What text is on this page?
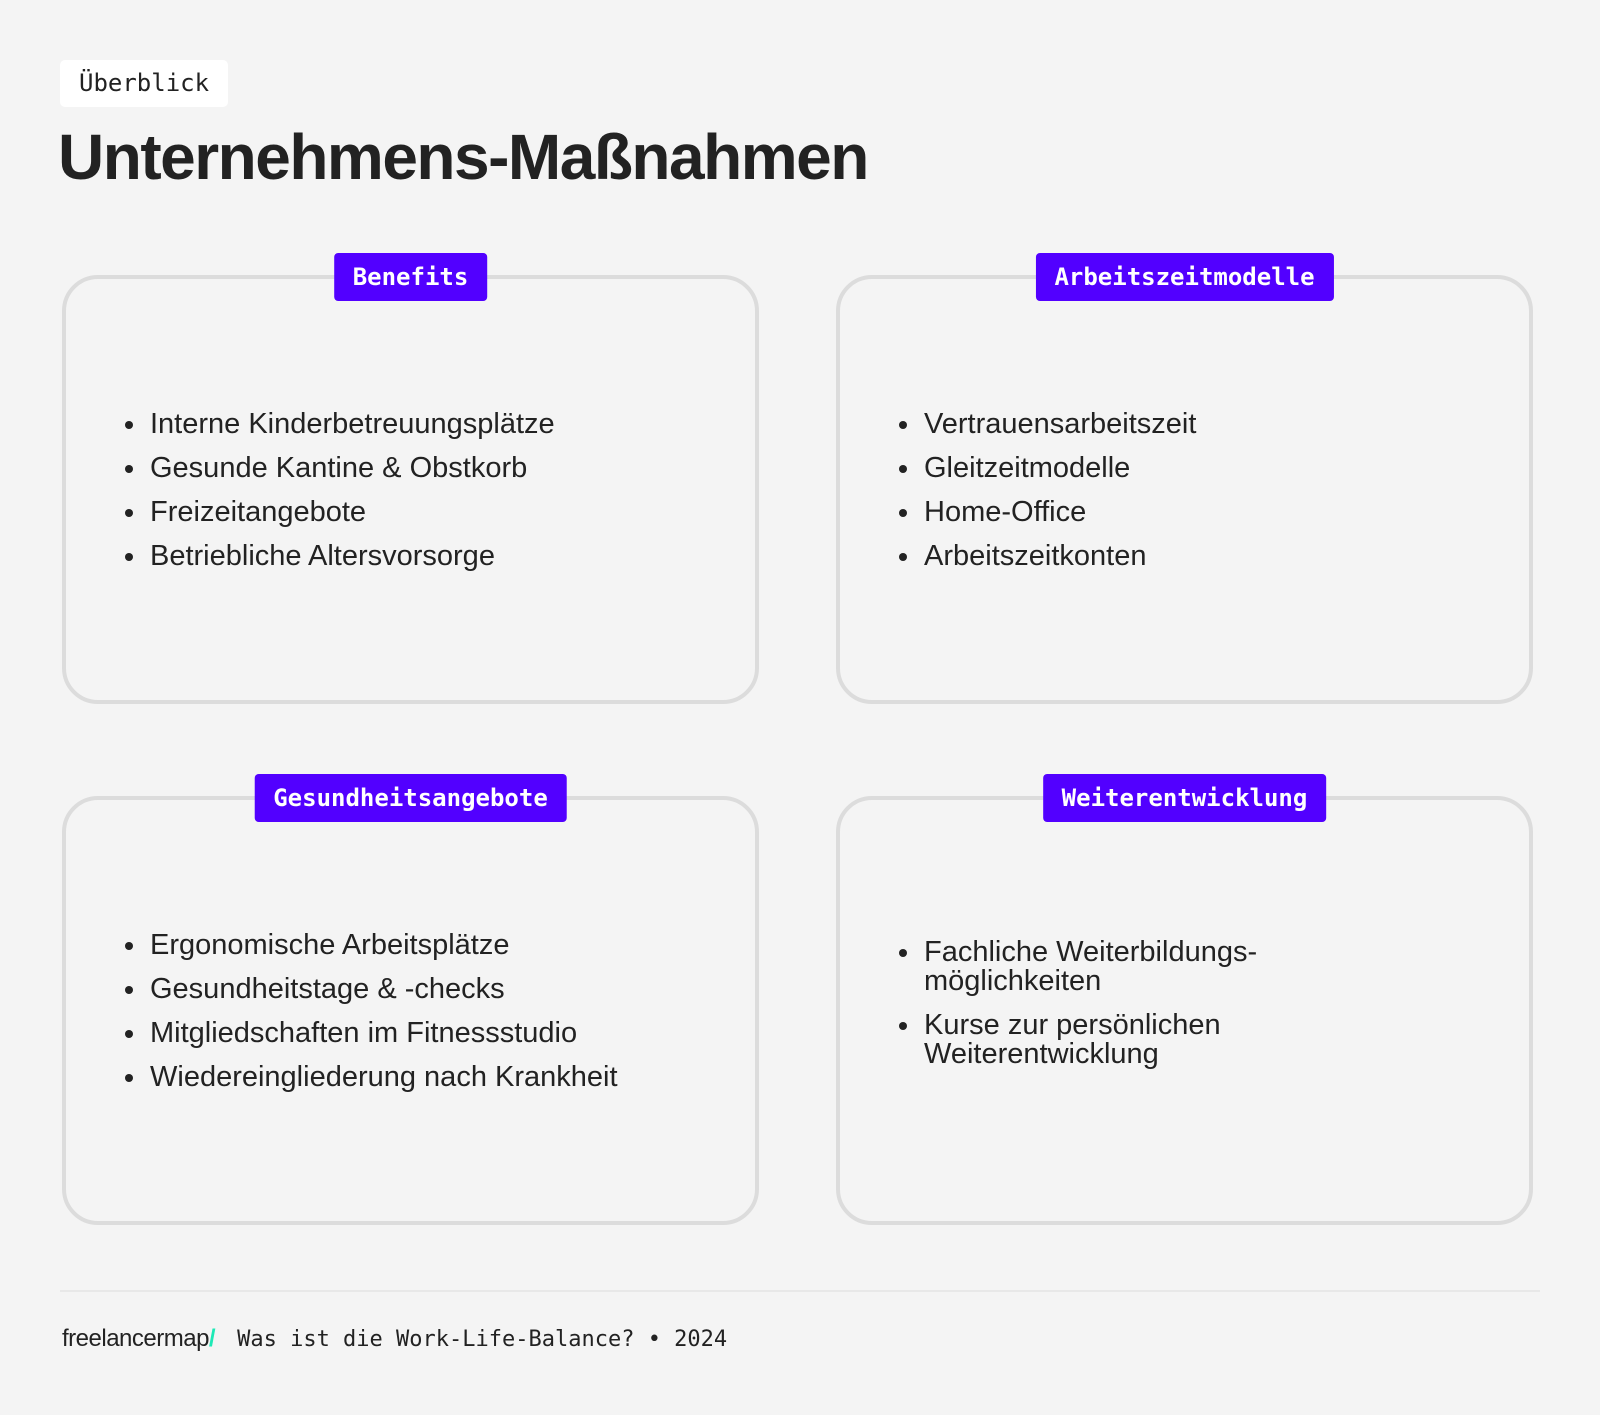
Überblick
Unternehmens-Maßnahmen
Benefits
• Interne Kinderbetreuungsplätze
• Gesunde Kantine & Obstkorb
• Freizeitangebote
• Betriebliche Altersvorsorge
Arbeitszeitmodelle
• Vertrauensarbeitszeit
• Gleitzeitmodelle
• Home-Office
• Arbeitszeitkonten
Gesundheitsangebote
• Ergonomische Arbeitsplätze
• Gesundheitstage & -checks
• Mitgliedschaften im Fitnessstudio
• Wiedereingliederung nach Krankheit
Weiterentwicklung
• Fachliche Weiterbildungs-möglichkeiten
• Kurse zur persönlichen Weiterentwicklung
freelancermap/ Was ist die Work-Life-Balance? • 2024
